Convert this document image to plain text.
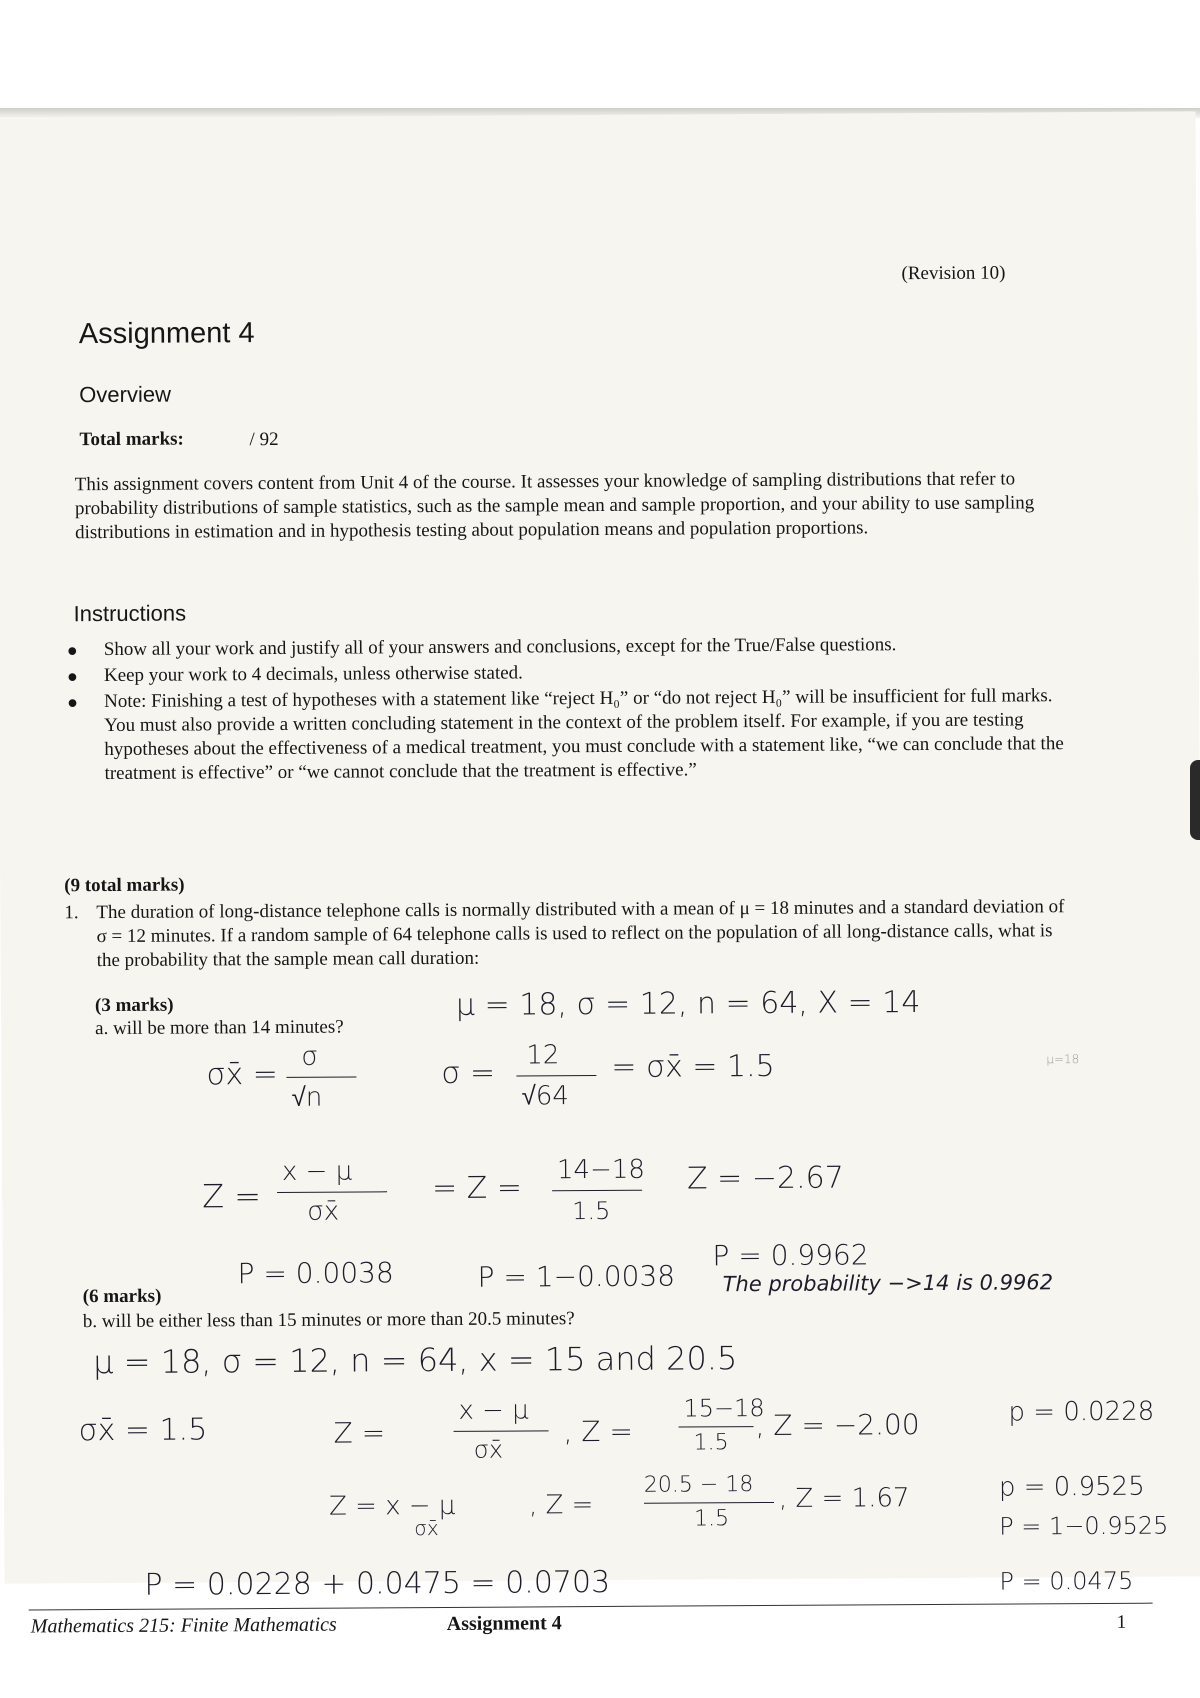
(Revision 10)
Assignment 4
Overview
Total marks:	/ 92
This assignment covers content from Unit 4 of the course. It assesses your knowledge of sampling distributions that refer to probability distributions of sample statistics, such as the sample mean and sample proportion, and your ability to use sampling distributions in estimation and in hypothesis testing about population means and population proportions.
Instructions
● Show all your work and justify all of your answers and conclusions, except for the True/False questions.
● Keep your work to 4 decimals, unless otherwise stated.
● Note: Finishing a test of hypotheses with a statement like “reject H₀” or “do not reject H₀” will be insufficient for full marks. You must also provide a written concluding statement in the context of the problem itself. For example, if you are testing hypotheses about the effectiveness of a medical treatment, you must conclude with a statement like, “we can conclude that the treatment is effective” or “we cannot conclude that the treatment is effective.”
(9 total marks)
1. The duration of long-distance telephone calls is normally distributed with a mean of μ = 18 minutes and a standard deviation of σ = 12 minutes. If a random sample of 64 telephone calls is used to reflect on the population of all long-distance calls, what is the probability that the sample mean call duration:
(3 marks)
a. will be more than 14 minutes?
(6 marks)
b. will be either less than 15 minutes or more than 20.5 minutes?
μ = 18, σ = 12, n = 64, X = 14
σx̄ =
σ
√n
σ =
12
√64
= σx̄ = 1.5
Z =
x − μ
σx̄
= Z =
14−18
1.5
Z = −2.67
P = 0.0038	P = 1−0.0038
P = 0.9962
The probability −>14 is 0.9962
μ=18
μ = 18, σ = 12, n = 64, x = 15 and 20.5
σx̄ = 1.5	Z =
x − μ
σx̄
, Z =
15−18
1.5
, Z = −2.00	p = 0.0228
Z = x − μ
σx̄
, Z =
20.5 − 18
1.5
, Z = 1.67	p = 0.9525
P = 1−0.9525
P = 0.0475
P = 0.0228 + 0.0475 = 0.0703
Mathematics 215: Finite Mathematics	Assignment 4	1
